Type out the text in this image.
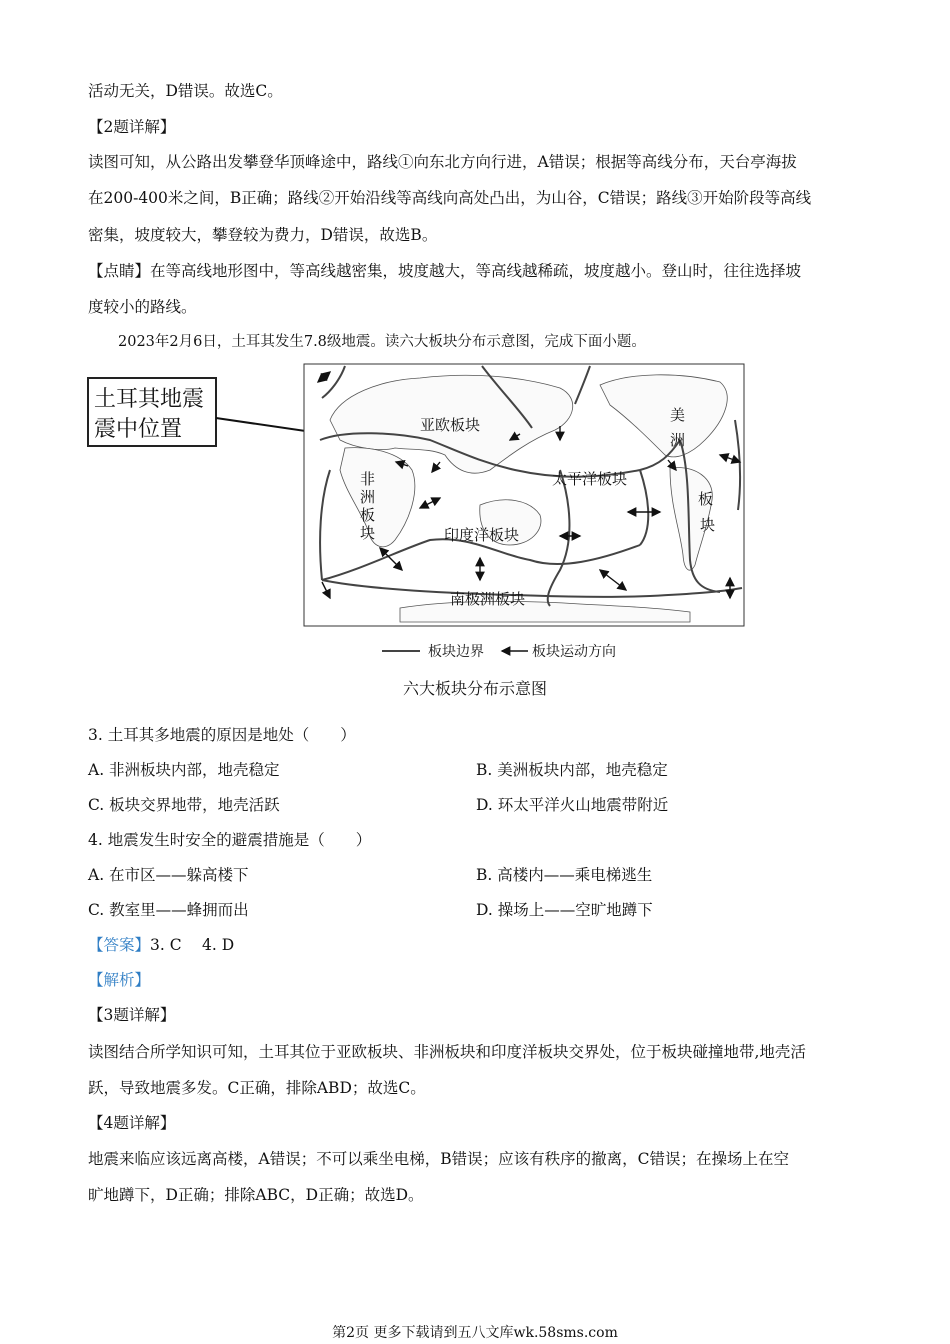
活动无关，D错误。故选C。
【2题详解】
读图可知，从公路出发攀登华顶峰途中，路线①向东北方向行进，A错误；根据等高线分布，天台亭海拔
在200-400米之间，B正确；路线②开始沿线等高线向高处凸出，为山谷，C错误；路线③开始阶段等高线
密集，坡度较大，攀登较为费力，D错误，故选B。
【点睛】在等高线地形图中，等高线越密集，坡度越大，等高线越稀疏，坡度越小。登山时，往往选择坡
度较小的路线。
2023年2月6日，土耳其发生7.8级地震。读六大板块分布示意图，完成下面小题。
土耳其地震
震中位置	亚欧板块
非
洲
板
块
太平洋板块
美
洲
板
块
印度洋板块
南极洲板块
板块边界	板块运动方向
六大板块分布示意图
3. 土耳其多地震的原因是地处（　　）
A. 非洲板块内部，地壳稳定	B. 美洲板块内部，地壳稳定
C. 板块交界地带，地壳活跃	D. 环太平洋火山地震带附近
4. 地震发生时安全的避震措施是（　　）
A. 在市区——躲高楼下	B. 高楼内——乘电梯逃生
C. 教室里——蜂拥而出	D. 操场上——空旷地蹲下
【答案】3. C　 4. D
【解析】
【3题详解】
读图结合所学知识可知，土耳其位于亚欧板块、非洲板块和印度洋板块交界处，位于板块碰撞地带,地壳活
跃，导致地震多发。C正确，排除ABD；故选C。
【4题详解】
地震来临应该远离高楼，A错误；不可以乘坐电梯，B错误；应该有秩序的撤离，C错误；在操场上在空
旷地蹲下，D正确；排除ABC，D正确；故选D。
第2页 更多下载请到五八文库wk.58sms.com
